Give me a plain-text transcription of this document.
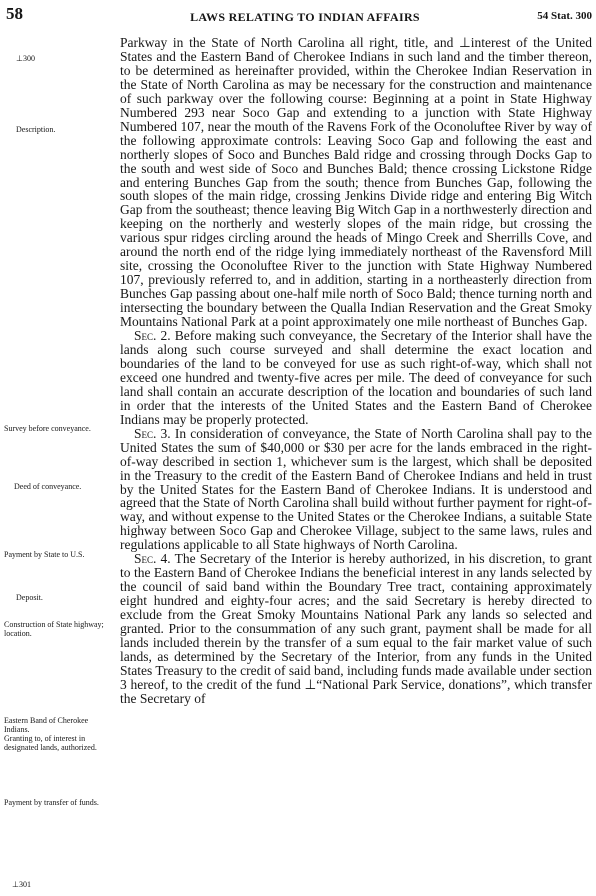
58	LAWS RELATING TO INDIAN AFFAIRS	54 Stat. 300
⊥300
Description.
Survey before conveyance.
Deed of conveyance.
Payment by State to U.S.
Deposit.
Construction of State highway; location.
Eastern Band of Cherokee Indians.
Granting to, of interest in designated lands, authorized.
Payment by transfer of funds.
⊥301

Parkway in the State of North Carolina all right, title, and ⊥interest of the United States and the Eastern Band of Cherokee Indians in such land and the timber thereon, to be determined as hereinafter provided, within the Cherokee Indian Reservation in the State of North Carolina as may be necessary for the construction and maintenance of such parkway over the following course: Beginning at a point in State Highway Numbered 293 near Soco Gap and extending to a junction with State Highway Numbered 107, near the mouth of the Ravens Fork of the Oconoluftee River by way of the following approximate controls: Leaving Soco Gap and following the east and northerly slopes of Soco and Bunches Bald ridge and crossing through Docks Gap to the south and west side of Soco and Bunches Bald; thence crossing Lickstone Ridge and entering Bunches Gap from the south; thence from Bunches Gap, following the south slopes of the main ridge, crossing Jenkins Divide ridge and entering Big Witch Gap from the southeast; thence leaving Big Witch Gap in a northwesterly direction and keeping on the northerly and westerly slopes of the main ridge, but crossing the various spur ridges circling around the heads of Mingo Creek and Sherrills Cove, and around the north end of the ridge lying immediately northeast of the Ravensford Mill site, crossing the Oconoluftee River to the junction with State Highway Numbered 107, previously referred to, and in addition, starting in a northeasterly direction from Bunches Gap passing about one-half mile north of Soco Bald; thence turning north and intersecting the boundary between the Qualla Indian Reservation and the Great Smoky Mountains National Park at a point approximately one mile northeast of Bunches Gap.

Sec. 2. Before making such conveyance, the Secretary of the Interior shall have the lands along such course surveyed and shall determine the exact location and boundaries of the land to be conveyed for use as such right-of-way, which shall not exceed one hundred and twenty-five acres per mile. The deed of conveyance for such land shall contain an accurate description of the location and boundaries of such land in order that the interests of the United States and the Eastern Band of Cherokee Indians may be properly protected.

Sec. 3. In consideration of conveyance, the State of North Carolina shall pay to the United States the sum of $40,000 or $30 per acre for the lands embraced in the right-of-way described in section 1, whichever sum is the largest, which shall be deposited in the Treasury to the credit of the Eastern Band of Cherokee Indians and held in trust by the United States for the Eastern Band of Cherokee Indians. It is understood and agreed that the State of North Carolina shall build without further payment for right-of-way, and without expense to the United States or the Cherokee Indians, a suitable State highway between Soco Gap and Cherokee Village, subject to the same laws, rules and regulations applicable to all State highways of North Carolina.

Sec. 4. The Secretary of the Interior is hereby authorized, in his discretion, to grant to the Eastern Band of Cherokee Indians the beneficial interest in any lands selected by the council of said band within the Boundary Tree tract, containing approximately eight hundred and eighty-four acres; and the said Secretary is hereby directed to exclude from the Great Smoky Mountains National Park any lands so selected and granted. Prior to the consummation of any such grant, payment shall be made for all lands included therein by the transfer of a sum equal to the fair market value of such lands, as determined by the Secretary of the Interior, from any funds in the United States Treasury to the credit of said band, including funds made available under section 3 hereof, to the credit of the fund ⊥“National Park Service, donations”, which transfer the Secretary of
